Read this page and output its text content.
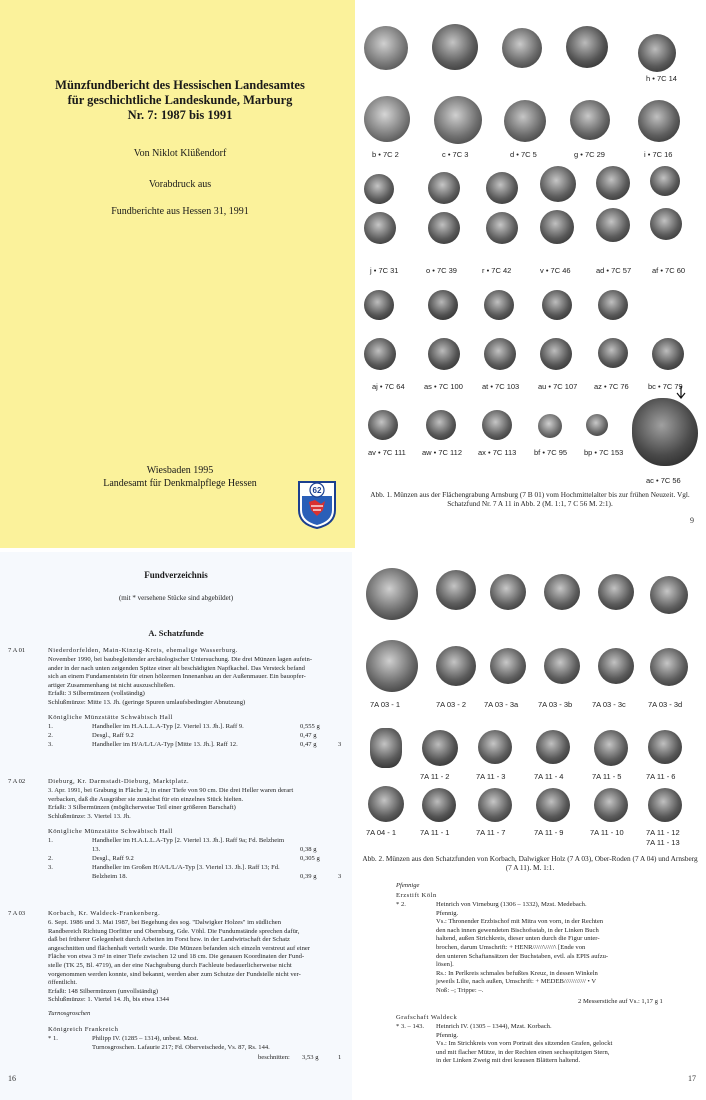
Münzfundbericht des Hessischen Landesamtes
für geschichtliche Landeskunde, Marburg
Nr. 7: 1987 bis 1991
Von Niklot Klüßendorf
Vorabdruck aus
Fundberichte aus Hessen 31, 1991
Wiesbaden 1995
Landesamt für Denkmalpflege Hessen
62
h • 7C 14
b • 7C 2	c • 7C 3	d • 7C 5	g • 7C 29	i • 7C 16
j • 7C 31	o • 7C 39	r • 7C 42	v • 7C 46	ad • 7C 57	af • 7C 60
aj • 7C 64	as • 7C 100	at • 7C 103	au • 7C 107 az • 7C 76	bc • 7C 79
av • 7C 111 aw • 7C 112 ax • 7C 113 bf • 7C 95 bp • 7C 153
ac • 7C 56
Abb. 1. Münzen aus der Flächengrabung Arnsburg (7 B 01) vom Hochmittelalter bis zur frühen Neuzeit. Vgl. Schatzfund Nr. 7 A 11 in Abb. 2 (M. 1:1, 7 C 56 M. 2:1).
9
Fundverzeichnis
(mit * versehene Stücke sind abgebildet)
A. Schatzfunde
7 A 01	Niederdorfelden, Main-Kinzig-Kreis, ehemalige Wasserburg.
November 1990, bei baubegleitender archäologischer Untersuchung. Die drei Münzen lagen aufein-
ander in der nach unten zeigenden Spitze einer alt beschädigten Napfkachel. Das Versteck befand
sich an einem Fundamentstein für einen hölzernen Innenanbau an der Außenmauer. Ein bauopfer-
artiger Zusammenhang ist nicht auszuschließen.
Erfaßt: 3 Silbermünzen (vollständig)
Schlußmünze: Mitte 13. Jh. (geringe Spuren umlaufsbedingter Abnutzung)
Königliche Münzstätte Schwäbisch Hall
1.	Handheller im H.A.L.L.A-Typ [2. Viertel 13. Jh.]. Raff 9.	0,555 g
2.	Desgl., Raff 9.2	0,47 g
3.	Handheller im H/A/L/L/A-Typ [Mitte 13. Jh.]. Raff 12.	0,47 g	3
7 A 02	Dieburg, Kr. Darmstadt-Dieburg, Marktplatz.
3. Apr. 1991, bei Grabung in Fläche 2, in einer Tiefe von 90 cm. Die drei Heller waren derart
verbacken, daß die Ausgräber sie zunächst für ein einzelnes Stück hielten.
Erfaßt: 3 Silbermünzen (möglicherweise Teil einer größeren Barschaft)
Schlußmünze: 3. Viertel 13. Jh.
Königliche Münzstätte Schwäbisch Hall
1.	Handheller im H.A.L.L.A-Typ [2. Viertel 13. Jh.]. Raff 9a; Fd. Belzheim 13.	0,38 g
2.	Desgl., Raff 9.2	0,305 g
3.	Handheller im Großen H/A/L/L/A-Typ [3. Viertel 13. Jh.]. Raff 13; Fd. Belzheim 18.	0,39 g	3
7 A 03	Korbach, Kr. Waldeck-Frankenberg.
6. Sept. 1986 und 3. Mai 1987, bei Begehung des sog. "Dalwigker Holzes" im südlichen
Randbereich Richtung Dorfitter und Obernburg, Gde. Vöhl. Die Fundumstände sprechen dafür,
daß bei früherer Gelegenheit durch Arbeiten im Forst bzw. in der Landwirtschaft der Schatz
angeschnitten und flächenhaft verteilt wurde. Die Münzen befanden sich einzeln verstreut auf einer
Fläche von etwa 3 m² in einer Tiefe zwischen 12 und 18 cm. Die genauen Koordinaten der Fund-
stelle (TK 25, Bl. 4719), an der eine Nachgrabung durch Fachleute bedauerlicherweise nicht
vorgenommen werden konnte, sind bekannt, werden aber zum Schutze der Fundstelle nicht ver-
öffentlicht.
Erfaßt: 148 Silbermünzen (unvollständig)
Schlußmünze: 1. Viertel 14. Jh, bis etwa 1344
Turnosgroschen
Königreich Frankreich
* 1.	Philipp IV. (1285 – 1314), unbest. Mzst.
Turnosgroschen. Lafaurie 217; Fd. Oberveischede, Vs. 87, Rs. 144.
beschnitten: 3,53 g	1
16
7A 03 - 1	7A 03 - 2 7A 03 - 3a	7A 03 - 3b	7A 03 - 3c	7A 03 - 3d
7A 11 - 2	7A 11 - 3	7A 11 - 4	7A 11 - 5	7A 11 - 6
7A 04 - 1	7A 11 - 1	7A 11 - 7	7A 11 - 9	7A 11 - 10	7A 11 - 12
7A 11 - 13
Abb. 2. Münzen aus den Schatzfunden von Korbach, Dalwigker Holz (7 A 03), Ober-Roden (7 A 04) und Arnsberg (7 A 11). M. 1:1.
Pfennige
Erzstift Köln
* 2.	Heinrich von Virneburg (1306 – 1332), Mzst. Medebach.
Pfennig.
Vs.: Thronender Erzbischof mit Mitra von vorn, in der Rechten
den nach innen gewendeten Bischofsstab, in der Linken Buch
haltend, außen Strichkreis, dieser unten durch die Figur unter-
brochen, darum Umschrift: + HENR//////\/////\ [Ende von
den unteren Schaftansätzen der Buchstaben, evtl. als EPIS aufzu-
lösen].
Rs.: In Perlkreis schmales befußtes Kreuz, in dessen Winkeln
jeweils Lilie, nach außen, Umschrift: + MEDEB//////////// • V
Noß: –; Trippe: –.
2 Messerstiche auf Vs.: 1,17 g 1
Grafschaft Waldeck
* 3. – 143. Heinrich IV. (1305 – 1344), Mzst. Korbach.
Pfennig.
Vs.: Im Strichkreis von vorn Portrait des sitzenden Grafen, gelockt
und mit flacher Mütze, in der Rechten einen sechsspitzigen Stern,
in der Linken Zweig mit drei krausen Blättern haltend.
17
